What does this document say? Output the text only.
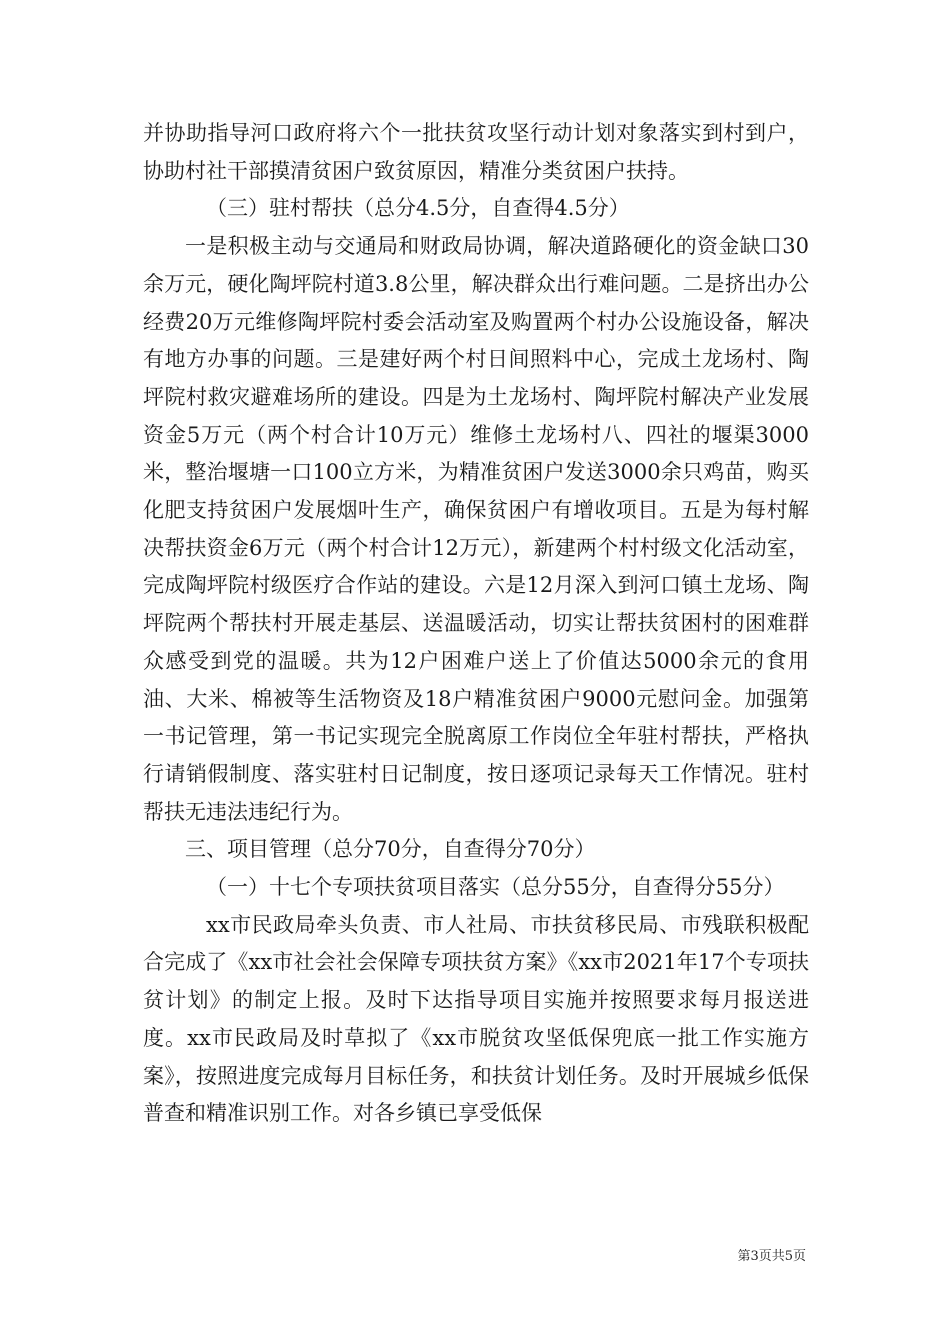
并协助指导河口政府将六个一批扶贫攻坚行动计划对象落实到村到户，协助村社干部摸清贫困户致贫原因，精准分类贫困户扶持。

（三）驻村帮扶（总分4.5分，自查得4.5分）

一是积极主动与交通局和财政局协调，解决道路硬化的资金缺口30余万元，硬化陶坪院村道3.8公里，解决群众出行难问题。二是挤出办公经费20万元维修陶坪院村委会活动室及购置两个村办公设施设备，解决有地方办事的问题。三是建好两个村日间照料中心，完成土龙场村、陶坪院村救灾避难场所的建设。四是为土龙场村、陶坪院村解决产业发展资金5万元（两个村合计10万元）维修土龙场村八、四社的堰渠3000米，整治堰塘一口100立方米，为精准贫困户发送3000余只鸡苗，购买化肥支持贫困户发展烟叶生产，确保贫困户有增收项目。五是为每村解决帮扶资金6万元（两个村合计12万元），新建两个村村级文化活动室，完成陶坪院村级医疗合作站的建设。六是12月深入到河口镇土龙场、陶坪院两个帮扶村开展走基层、送温暖活动，切实让帮扶贫困村的困难群众感受到党的温暖。共为12户困难户送上了价值达5000余元的食用油、大米、棉被等生活物资及18户精准贫困户9000元慰问金。加强第一书记管理，第一书记实现完全脱离原工作岗位全年驻村帮扶，严格执行请销假制度、落实驻村日记制度，按日逐项记录每天工作情况。驻村帮扶无违法违纪行为。

三、项目管理（总分70分，自查得分70分）

（一）十七个专项扶贫项目落实（总分55分，自查得分55分）

xx市民政局牵头负责、市人社局、市扶贫移民局、市残联积极配合完成了《xx市社会社会保障专项扶贫方案》《xx市2021年17个专项扶贫计划》的制定上报。及时下达指导项目实施并按照要求每月报送进度。xx市民政局及时草拟了《xx市脱贫攻坚低保兜底一批工作实施方案》，按照进度完成每月目标任务，和扶贫计划任务。及时开展城乡低保普查和精准识别工作。对各乡镇已享受低保

第3页共5页
